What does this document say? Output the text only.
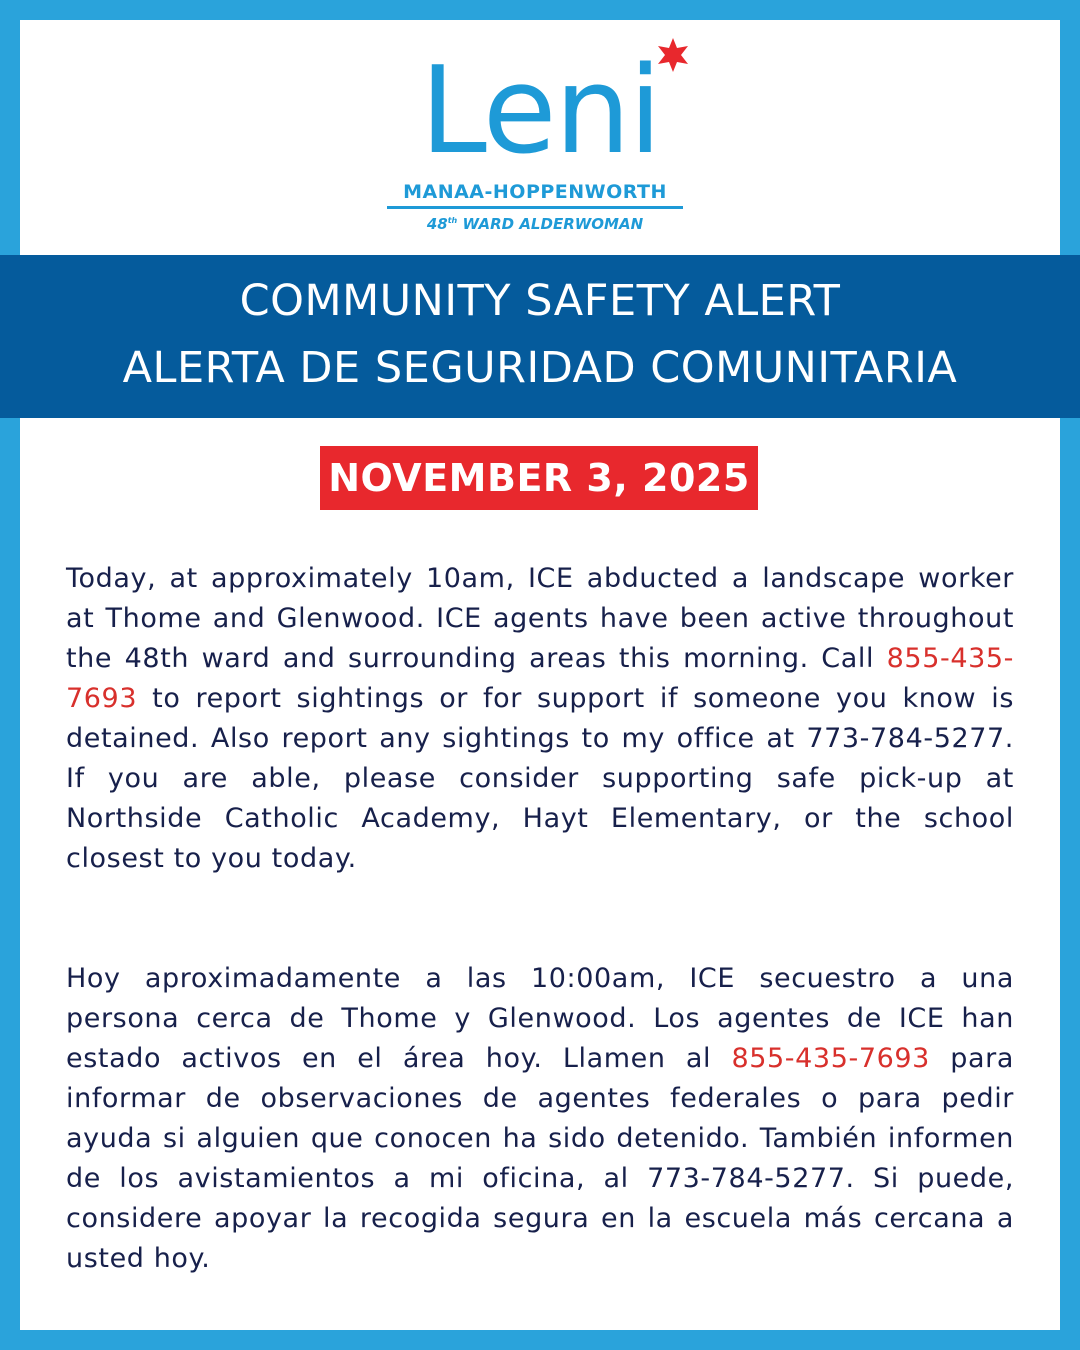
Leni
MANAA-HOPPENWORTH
48th WARD ALDERWOMAN
COMMUNITY SAFETY ALERT
ALERTA DE SEGURIDAD COMUNITARIA
NOVEMBER 3, 2025
Today, at approximately 10am, ICE abducted a landscape worker at Thome and Glenwood. ICE agents have been active throughout the 48th ward and surrounding areas this morning. Call 855-435-7693 to report sightings or for support if someone you know is detained. Also report any sightings to my office at 773-784-5277. If you are able, please consider supporting safe pick-up at Northside Catholic Academy, Hayt Elementary, or the school closest to you today.
Hoy aproximadamente a las 10:00am, ICE secuestro a una persona cerca de Thome y Glenwood. Los agentes de ICE han estado activos en el área hoy. Llamen al 855-435-7693 para informar de observaciones de agentes federales o para pedir ayuda si alguien que conocen ha sido detenido. También informen de los avistamientos a mi oficina, al 773-784-5277. Si puede, considere apoyar la recogida segura en la escuela más cercana a usted hoy.
